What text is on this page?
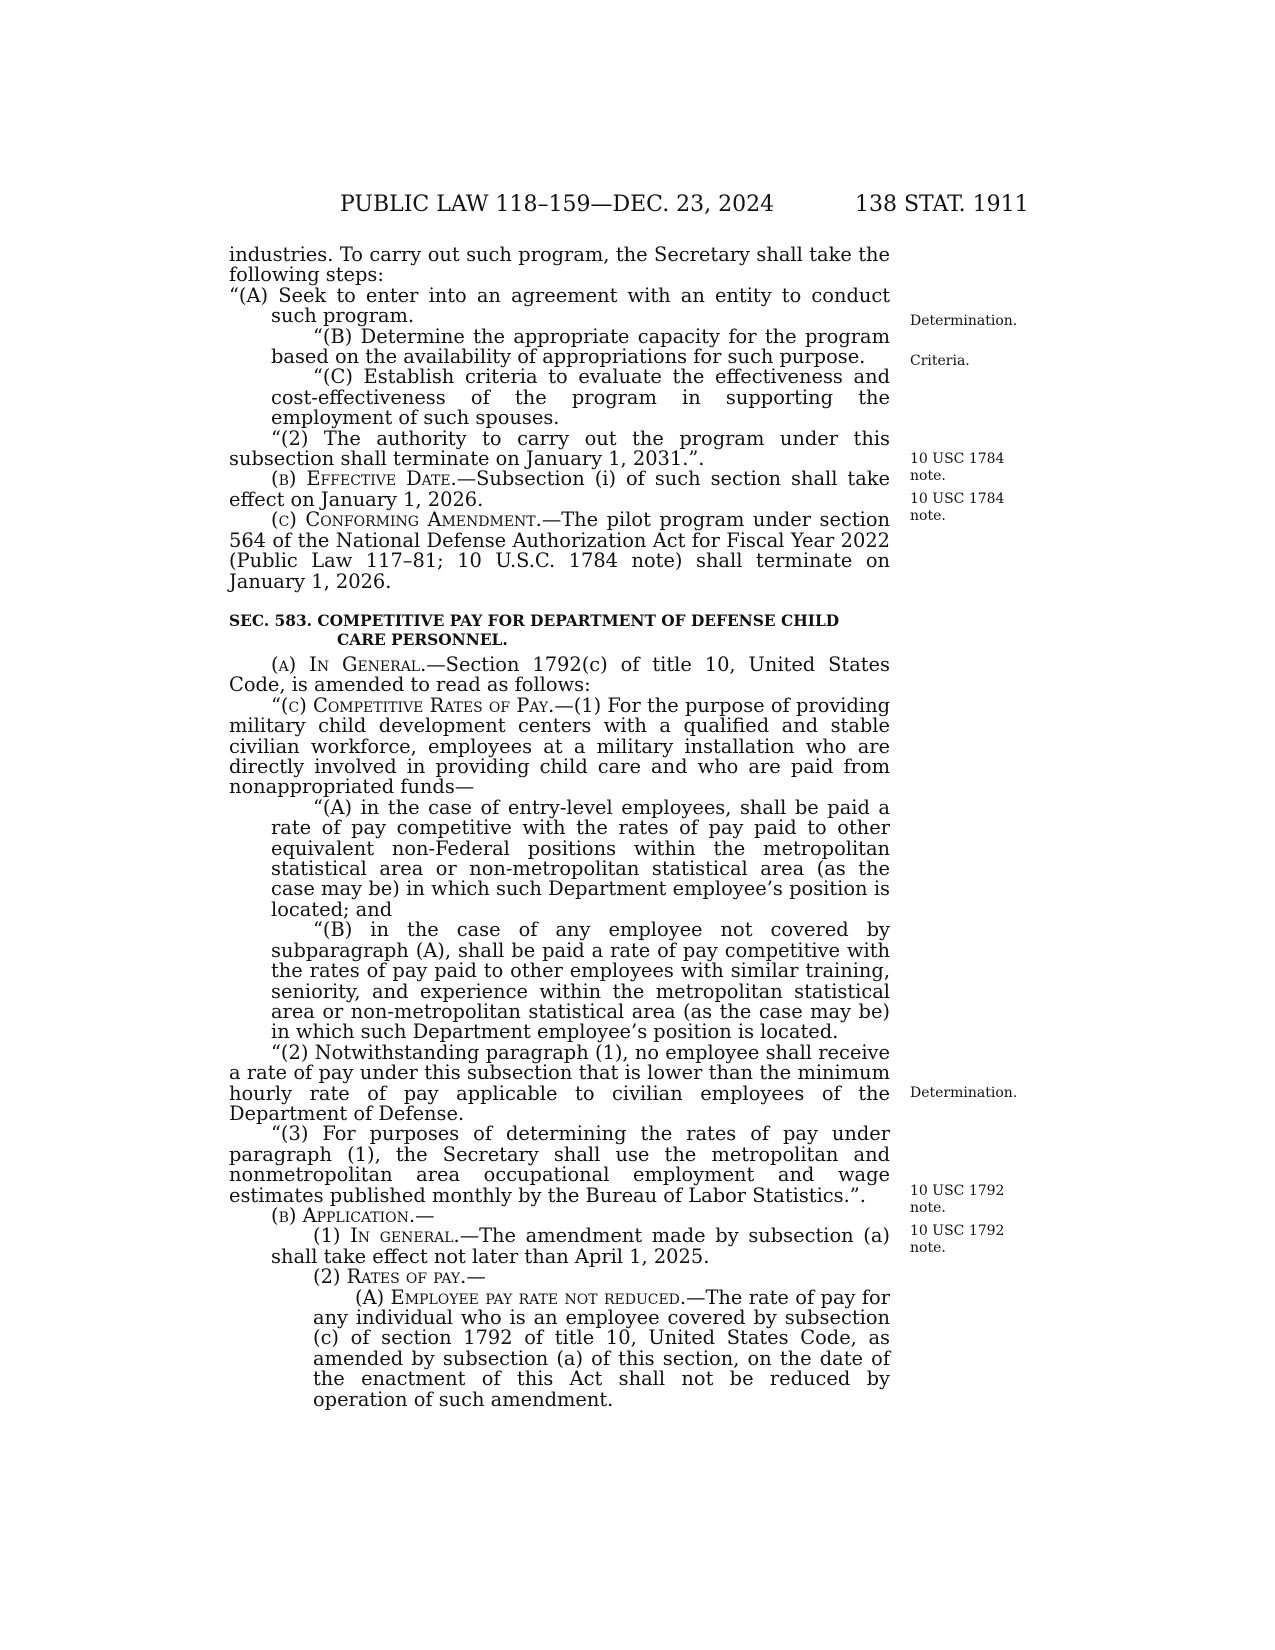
PUBLIC LAW 118–159—DEC. 23, 2024	138 STAT. 1911

industries. To carry out such program, the Secretary shall take the following steps:

“(A) Seek to enter into an agreement with an entity to conduct such program.

“(B) Determine the appropriate capacity for the program based on the availability of appropriations for such purpose.

“(C) Establish criteria to evaluate the effectiveness and cost-effectiveness of the program in supporting the employment of such spouses.

“(2) The authority to carry out the program under this subsection shall terminate on January 1, 2031.”.

(b) Effective Date.—Subsection (i) of such section shall take effect on January 1, 2026.

(c) Conforming Amendment.—The pilot program under section 564 of the National Defense Authorization Act for Fiscal Year 2022 (Public Law 117–81; 10 U.S.C. 1784 note) shall terminate on January 1, 2026.

SEC. 583. COMPETITIVE PAY FOR DEPARTMENT OF DEFENSE CHILD
CARE PERSONNEL.

(a) In General.—Section 1792(c) of title 10, United States Code, is amended to read as follows:

“(c) Competitive Rates of Pay.—(1) For the purpose of providing military child development centers with a qualified and stable civilian workforce, employees at a military installation who are directly involved in providing child care and who are paid from nonappropriated funds—

“(A) in the case of entry-level employees, shall be paid a rate of pay competitive with the rates of pay paid to other equivalent non-Federal positions within the metropolitan statistical area or non-metropolitan statistical area (as the case may be) in which such Department employee’s position is located; and

“(B) in the case of any employee not covered by subparagraph (A), shall be paid a rate of pay competitive with the rates of pay paid to other employees with similar training, seniority, and experience within the metropolitan statistical area or non-metropolitan statistical area (as the case may be) in which such Department employee’s position is located.

“(2) Notwithstanding paragraph (1), no employee shall receive a rate of pay under this subsection that is lower than the minimum hourly rate of pay applicable to civilian employees of the Department of Defense.

“(3) For purposes of determining the rates of pay under paragraph (1), the Secretary shall use the metropolitan and nonmetropolitan area occupational employment and wage estimates published monthly by the Bureau of Labor Statistics.”.

(b) Application.—

(1) In general.—The amendment made by subsection (a) shall take effect not later than April 1, 2025.

(2) Rates of pay.—

(A) Employee pay rate not reduced.—The rate of pay for any individual who is an employee covered by subsection (c) of section 1792 of title 10, United States Code, as amended by subsection (a) of this section, on the date of the enactment of this Act shall not be reduced by operation of such amendment.

Determination.
Criteria.
10 USC 1784
note.
10 USC 1784
note.
Determination.
10 USC 1792
note.
10 USC 1792
note.
